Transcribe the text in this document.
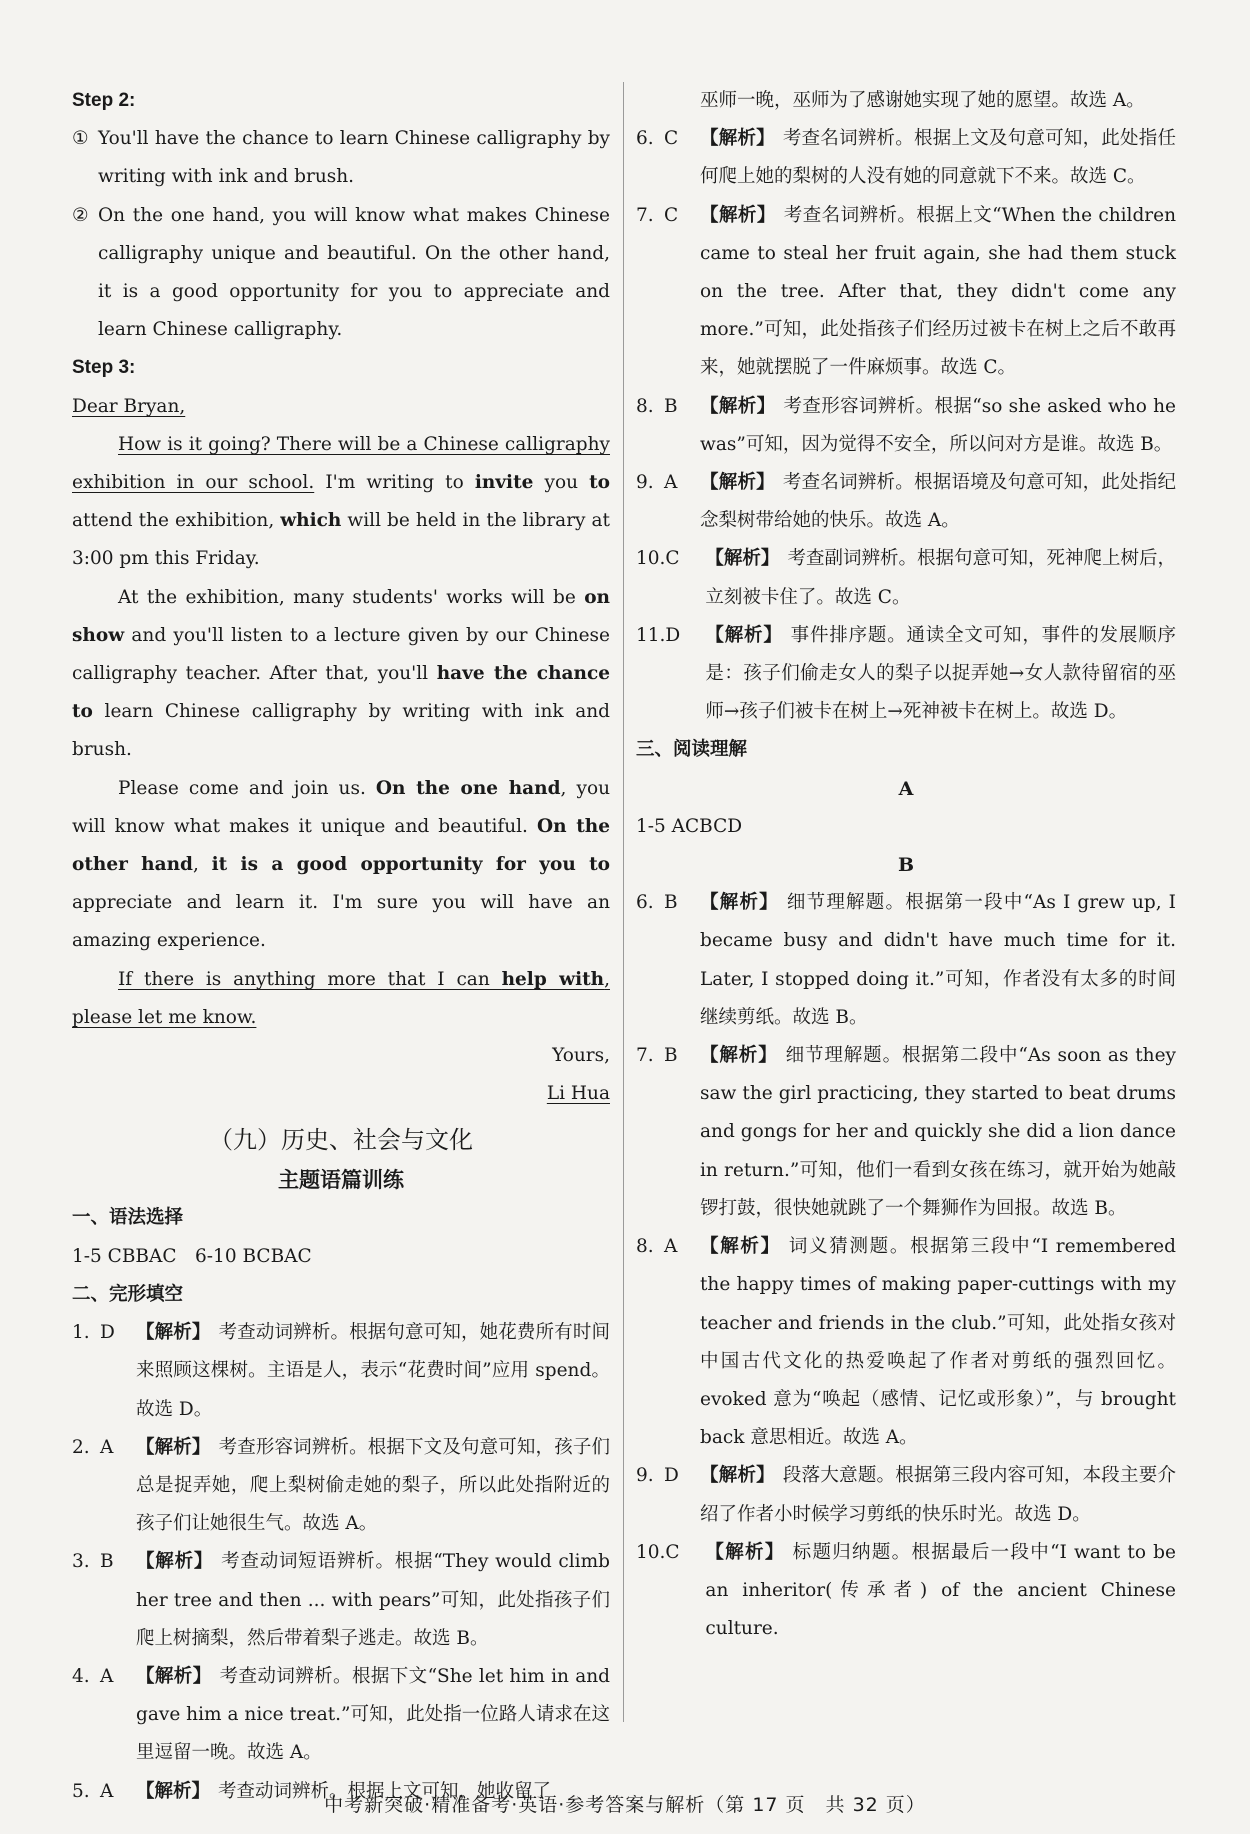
Step 2:

① You'll have the chance to learn Chinese calligraphy by writing with ink and brush.

② On the one hand, you will know what makes Chinese calligraphy unique and beautiful. On the other hand, it is a good opportunity for you to appreciate and learn Chinese calligraphy.

Step 3:

Dear Bryan,

How is it going? There will be a Chinese calligraphy exhibition in our school. I'm writing to invite you to attend the exhibition, which will be held in the library at 3:00 pm this Friday.

At the exhibition, many students' works will be on show and you'll listen to a lecture given by our Chinese calligraphy teacher. After that, you'll have the chance to learn Chinese calligraphy by writing with ink and brush.

Please come and join us. On the one hand, you will know what makes it unique and beautiful. On the other hand, it is a good opportunity for you to appreciate and learn it. I'm sure you will have an amazing experience.

If there is anything more that I can help with, please let me know.

Yours,

Li Hua

（九）历史、社会与文化

主题语篇训练

一、语法选择

1-5 CBBAC　6-10 BCBAC

二、完形填空

1. D	【解析】 考查动词辨析。根据句意可知，她花费所有时间来照顾这棵树。主语是人，表示“花费时间”应用 spend。故选 D。

2. A	【解析】 考查形容词辨析。根据下文及句意可知，孩子们总是捉弄她，爬上梨树偷走她的梨子，所以此处指附近的孩子们让她很生气。故选 A。

3. B	【解析】 考查动词短语辨析。根据“They would climb her tree and then ... with pears”可知，此处指孩子们爬上树摘梨，然后带着梨子逃走。故选 B。

4. A	【解析】 考查动词辨析。根据下文“She let him in and gave him a nice treat.”可知，此处指一位路人请求在这里逗留一晚。故选 A。

5. A	【解析】 考查动词辨析。根据上文可知，她收留了

巫师一晚，巫师为了感谢她实现了她的愿望。故选 A。

6. C	【解析】 考查名词辨析。根据上文及句意可知，此处指任何爬上她的梨树的人没有她的同意就下不来。故选 C。

7. C	【解析】 考查名词辨析。根据上文“When the children came to steal her fruit again, she had them stuck on the tree. After that, they didn't come any more.”可知，此处指孩子们经历过被卡在树上之后不敢再来，她就摆脱了一件麻烦事。故选 C。

8. B	【解析】 考查形容词辨析。根据“so she asked who he was”可知，因为觉得不安全，所以问对方是谁。故选 B。

9. A	【解析】 考查名词辨析。根据语境及句意可知，此处指纪念梨树带给她的快乐。故选 A。

10. C	【解析】 考查副词辨析。根据句意可知，死神爬上树后，立刻被卡住了。故选 C。

11. D	【解析】 事件排序题。通读全文可知，事件的发展顺序是：孩子们偷走女人的梨子以捉弄她→女人款待留宿的巫师→孩子们被卡在树上→死神被卡在树上。故选 D。

三、阅读理解

A

1-5 ACBCD

B

6. B	【解析】 细节理解题。根据第一段中“As I grew up, I became busy and didn't have much time for it. Later, I stopped doing it.”可知，作者没有太多的时间继续剪纸。故选 B。

7. B	【解析】 细节理解题。根据第二段中“As soon as they saw the girl practicing, they started to beat drums and gongs for her and quickly she did a lion dance in return.”可知，他们一看到女孩在练习，就开始为她敲锣打鼓，很快她就跳了一个舞狮作为回报。故选 B。

8. A	【解析】 词义猜测题。根据第三段中“I remembered the happy times of making paper-cuttings with my teacher and friends in the club.”可知，此处指女孩对中国古代文化的热爱唤起了作者对剪纸的强烈回忆。evoked 意为“唤起（感情、记忆或形象）”，与 brought back 意思相近。故选 A。

9. D	【解析】 段落大意题。根据第三段内容可知，本段主要介绍了作者小时候学习剪纸的快乐时光。故选 D。

10. C	【解析】 标题归纳题。根据最后一段中“I want to be an inheritor(传承者) of the ancient Chinese culture.

中考新突破·精准备考·英语·参考答案与解析（第 17 页　共 32 页）
